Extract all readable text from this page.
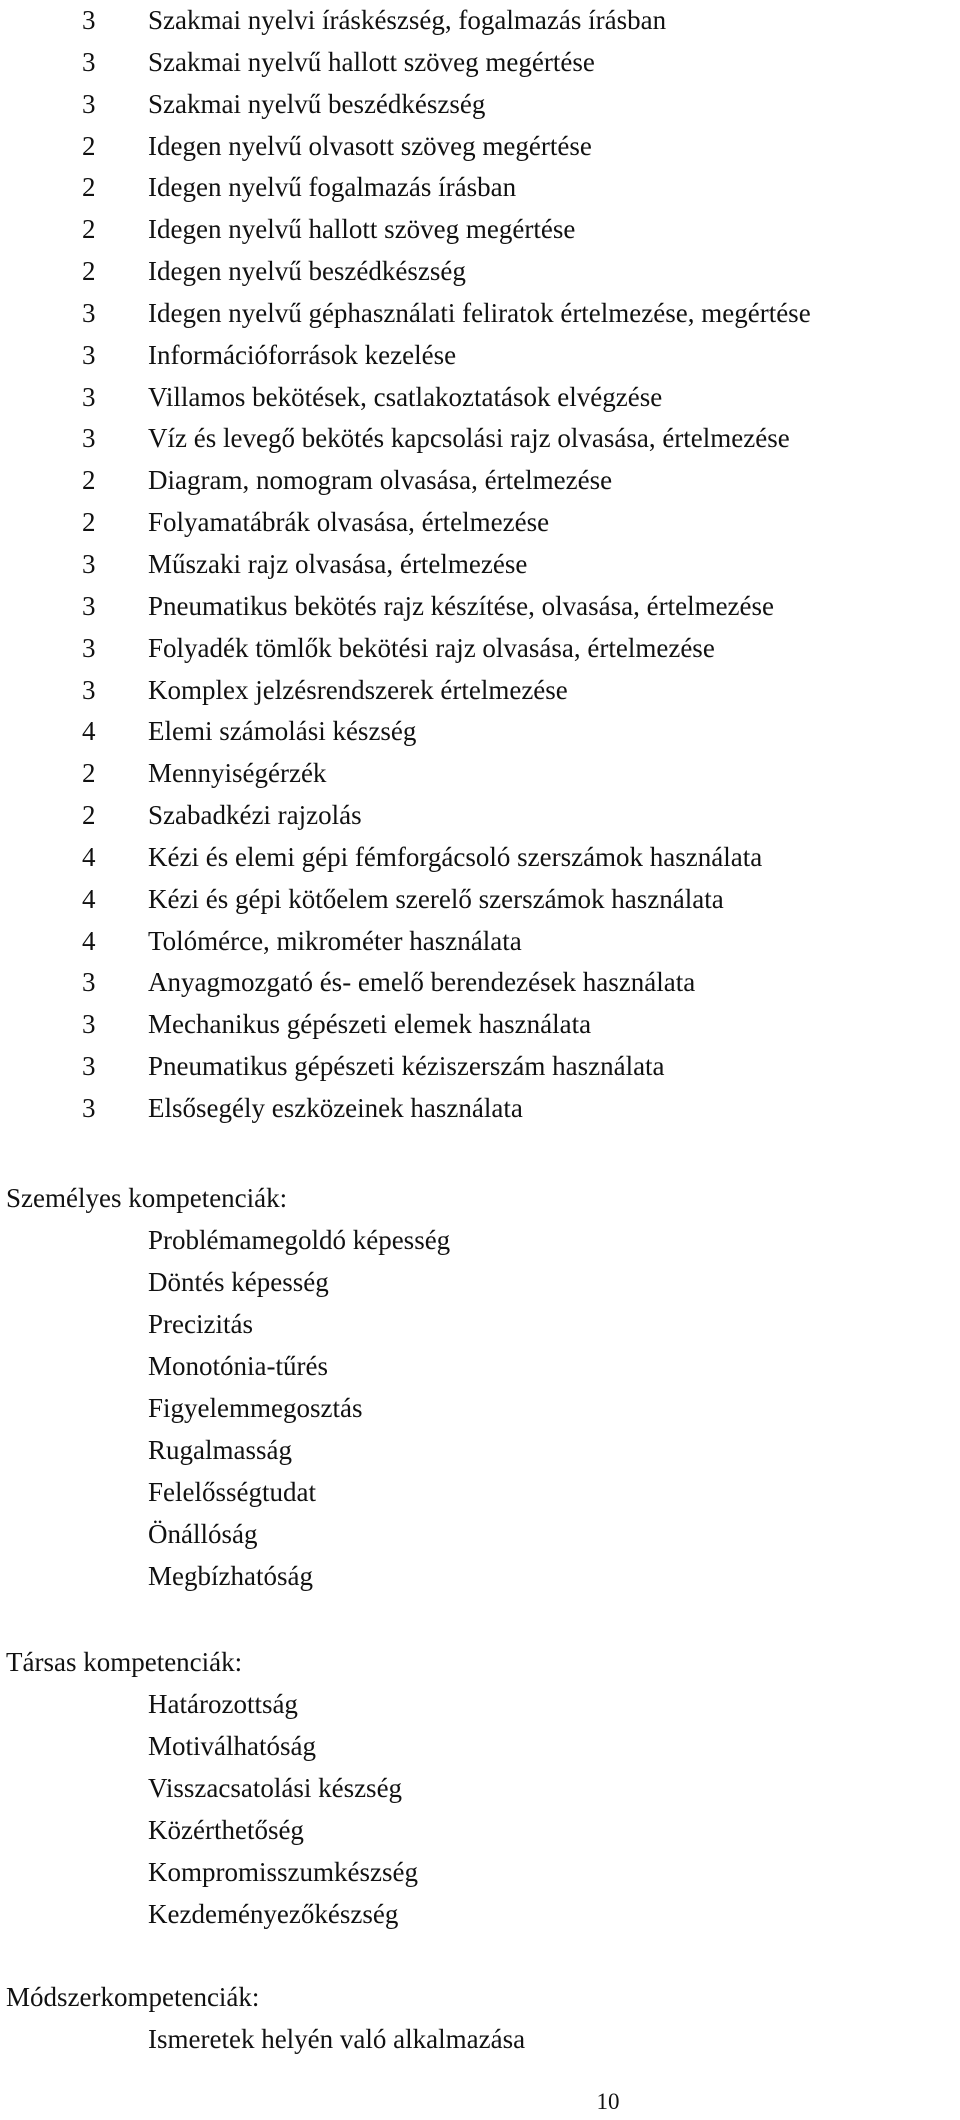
3	Szakmai nyelvi íráskészség, fogalmazás írásban
3	Szakmai nyelvű hallott szöveg megértése
3	Szakmai nyelvű beszédkészség
2	Idegen nyelvű olvasott szöveg megértése
2	Idegen nyelvű fogalmazás írásban
2	Idegen nyelvű hallott szöveg megértése
2	Idegen nyelvű beszédkészség
3	Idegen nyelvű géphasználati feliratok értelmezése, megértése
3	Információforrások kezelése
3	Villamos bekötések, csatlakoztatások elvégzése
3	Víz és levegő bekötés kapcsolási rajz olvasása, értelmezése
2	Diagram, nomogram olvasása, értelmezése
2	Folyamatábrák olvasása, értelmezése
3	Műszaki rajz olvasása, értelmezése
3	Pneumatikus bekötés rajz készítése, olvasása, értelmezése
3	Folyadék tömlők bekötési rajz olvasása, értelmezése
3	Komplex jelzésrendszerek értelmezése
4	Elemi számolási készség
2	Mennyiségérzék
2	Szabadkézi rajzolás
4	Kézi és elemi gépi fémforgácsoló szerszámok használata
4	Kézi és gépi kötőelem szerelő szerszámok használata
4	Tolómérce, mikrométer használata
3	Anyagmozgató és- emelő berendezések használata
3	Mechanikus gépészeti elemek használata
3	Pneumatikus gépészeti kéziszerszám használata
3	Elsősegély eszközeinek használata
Személyes kompetenciák:
Problémamegoldó képesség
Döntés képesség
Precizitás
Monotónia-tűrés
Figyelemmegosztás
Rugalmasság
Felelősségtudat
Önállóság
Megbízhatóság
Társas kompetenciák:
Határozottság
Motiválhatóság
Visszacsatolási készség
Közérthetőség
Kompromisszumkészség
Kezdeményezőkészség
Módszerkompetenciák:
Ismeretek helyén való alkalmazása
10
